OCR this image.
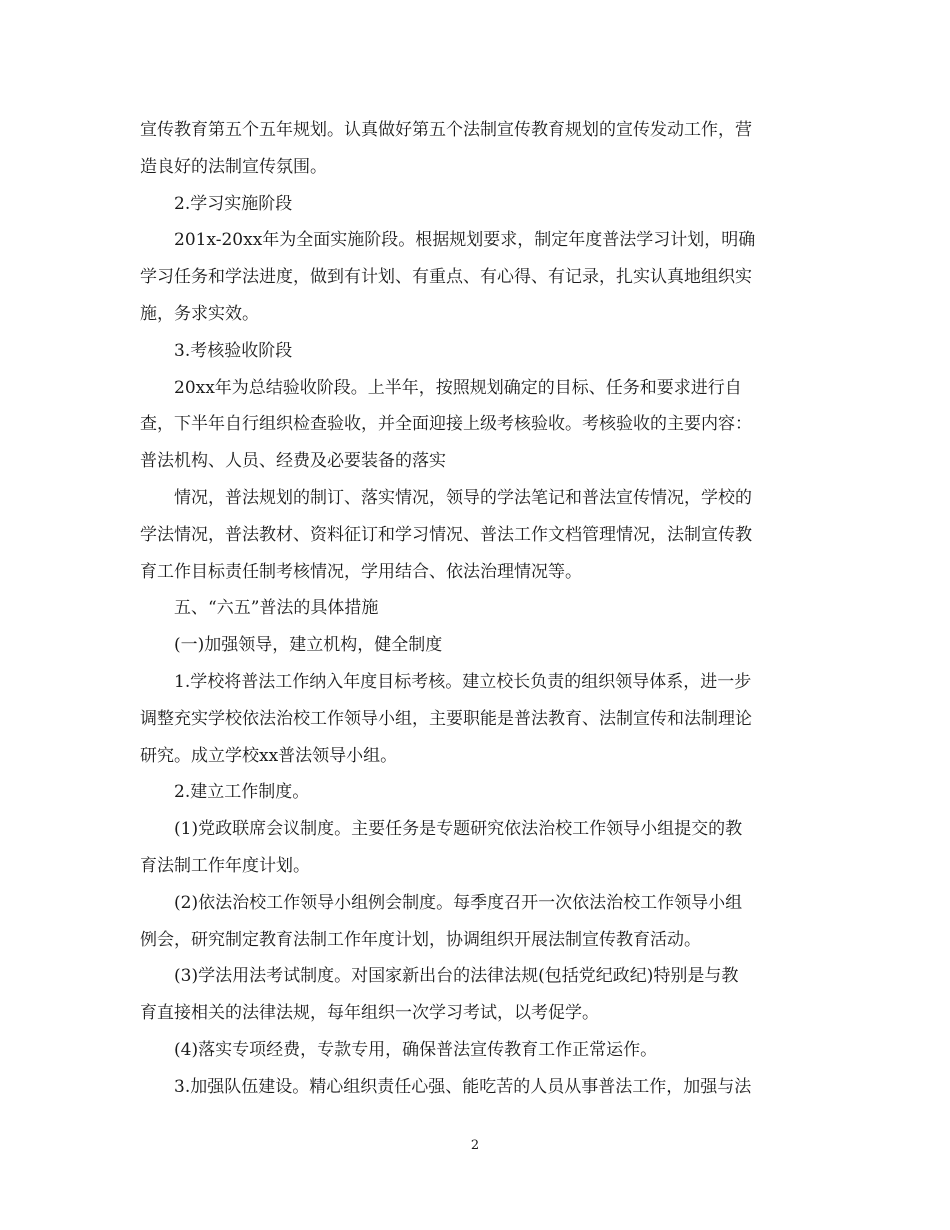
宣传教育第五个五年规划。认真做好第五个法制宣传教育规划的宣传发动工作，营
造良好的法制宣传氛围。
2.学习实施阶段
201x-20xx年为全面实施阶段。根据规划要求，制定年度普法学习计划，明确
学习任务和学法进度，做到有计划、有重点、有心得、有记录，扎实认真地组织实
施，务求实效。
3.考核验收阶段
20xx年为总结验收阶段。上半年，按照规划确定的目标、任务和要求进行自
查，下半年自行组织检查验收，并全面迎接上级考核验收。考核验收的主要内容：
普法机构、人员、经费及必要装备的落实
情况，普法规划的制订、落实情况，领导的学法笔记和普法宣传情况，学校的
学法情况，普法教材、资料征订和学习情况、普法工作文档管理情况，法制宣传教
育工作目标责任制考核情况，学用结合、依法治理情况等。
五、“六五”普法的具体措施
(一)加强领导，建立机构，健全制度
1.学校将普法工作纳入年度目标考核。建立校长负责的组织领导体系，进一步
调整充实学校依法治校工作领导小组，主要职能是普法教育、法制宣传和法制理论
研究。成立学校xx普法领导小组。
2.建立工作制度。
(1)党政联席会议制度。主要任务是专题研究依法治校工作领导小组提交的教
育法制工作年度计划。
(2)依法治校工作领导小组例会制度。每季度召开一次依法治校工作领导小组
例会，研究制定教育法制工作年度计划，协调组织开展法制宣传教育活动。
(3)学法用法考试制度。对国家新出台的法律法规(包括党纪政纪)特别是与教
育直接相关的法律法规，每年组织一次学习考试，以考促学。
(4)落实专项经费，专款专用，确保普法宣传教育工作正常运作。
3.加强队伍建设。精心组织责任心强、能吃苦的人员从事普法工作，加强与法
2
